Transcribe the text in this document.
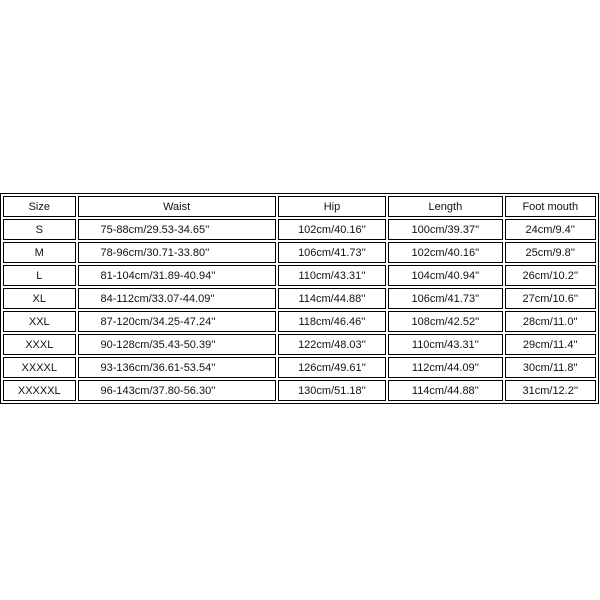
Size	Waist	Hip	Length	Foot mouth
S	75-88cm/29.53-34.65''	102cm/40.16''	100cm/39.37''	24cm/9.4''
M	78-96cm/30.71-33.80''	106cm/41.73''	102cm/40.16''	25cm/9.8''
L	81-104cm/31.89-40.94''	110cm/43.31''	104cm/40.94''	26cm/10.2''
XL	84-112cm/33.07-44.09''	114cm/44.88''	106cm/41.73''	27cm/10.6''
XXL	87-120cm/34.25-47.24''	118cm/46.46''	108cm/42.52''	28cm/11.0''
XXXL	90-128cm/35.43-50.39''	122cm/48.03''	110cm/43.31''	29cm/11.4''
XXXXL	93-136cm/36.61-53.54''	126cm/49.61''	112cm/44.09''	30cm/11.8''
XXXXXL	96-143cm/37.80-56.30''	130cm/51.18''	114cm/44.88''	31cm/12.2''
